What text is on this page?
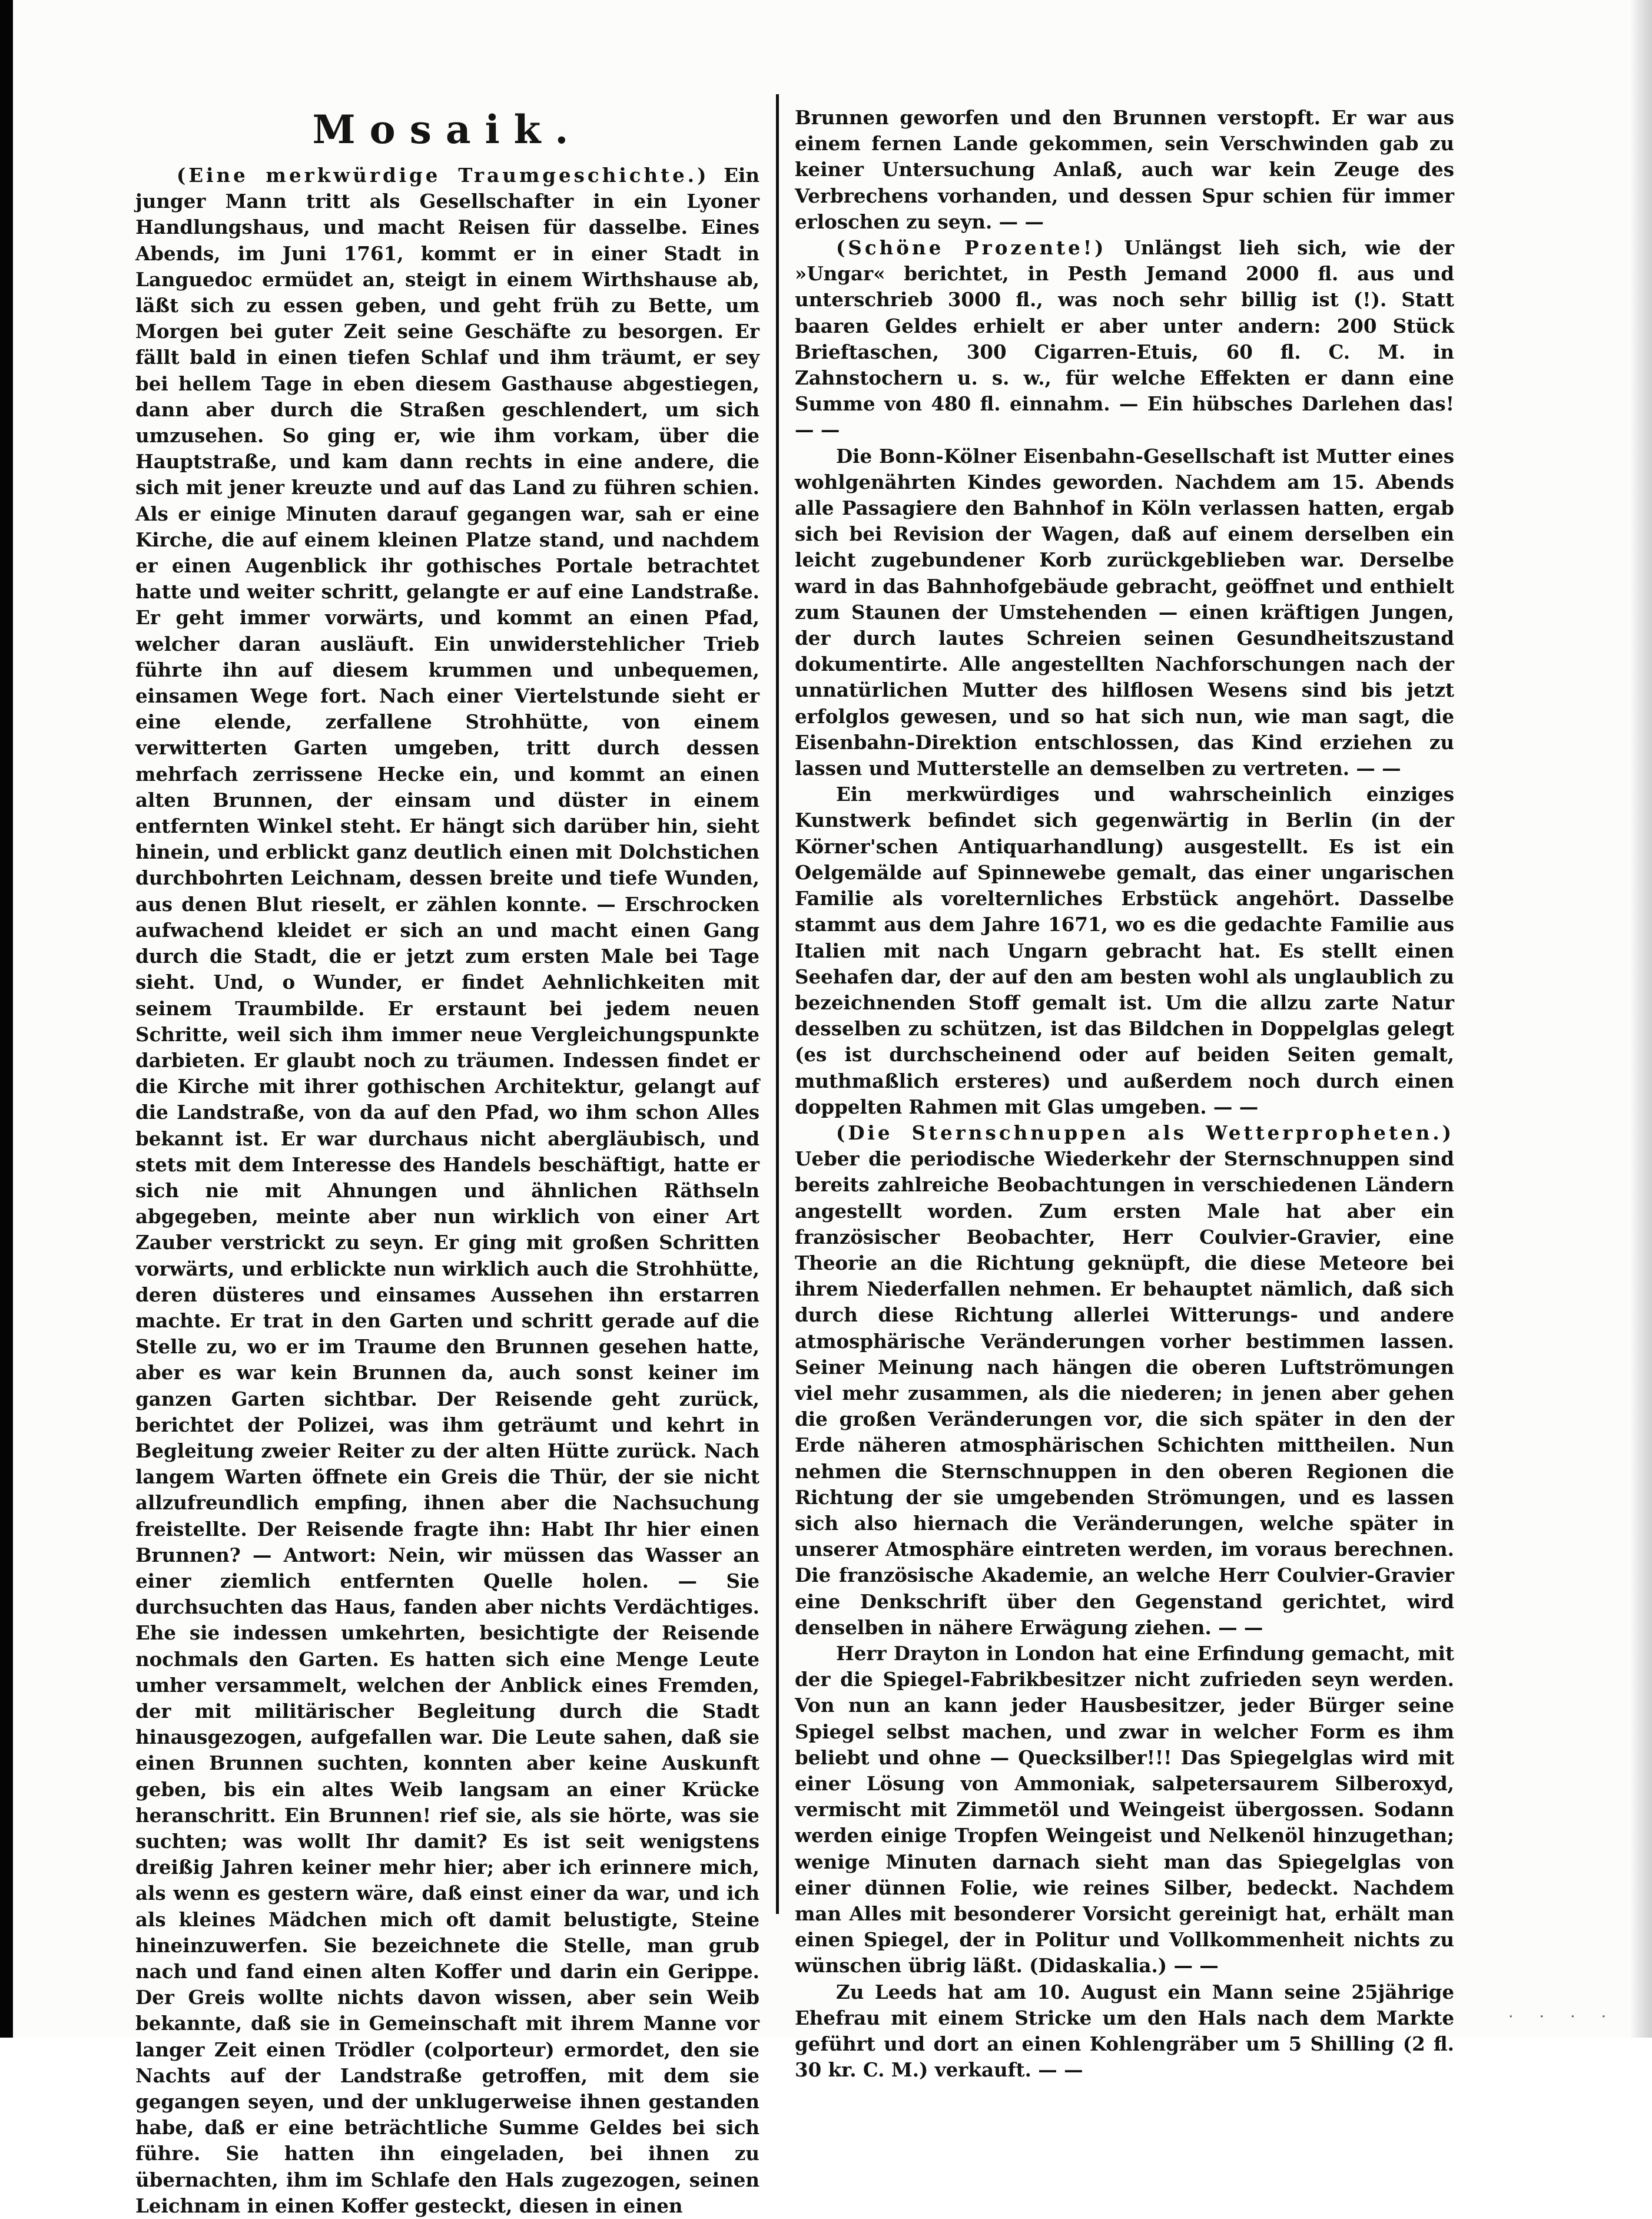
Mosaik.

(Eine merkwürdige Traumgeschichte.) Ein junger Mann tritt als Gesellschafter in ein Lyoner Handlungshaus, und macht Reisen für dasselbe. Eines Abends, im Juni 1761, kommt er in einer Stadt in Languedoc ermüdet an, steigt in einem Wirthshause ab, läßt sich zu essen geben, und geht früh zu Bette, um Morgen bei guter Zeit seine Geschäfte zu besorgen. Er fällt bald in einen tiefen Schlaf und ihm träumt, er sey bei hellem Tage in eben diesem Gasthause abgestiegen, dann aber durch die Straßen geschlendert, um sich umzusehen. So ging er, wie ihm vorkam, über die Hauptstraße, und kam dann rechts in eine andere, die sich mit jener kreuzte und auf das Land zu führen schien. Als er einige Minuten darauf gegangen war, sah er eine Kirche, die auf einem kleinen Platze stand, und nachdem er einen Augenblick ihr gothisches Portale betrachtet hatte und weiter schritt, gelangte er auf eine Landstraße. Er geht immer vorwärts, und kommt an einen Pfad, welcher daran ausläuft. Ein unwiderstehlicher Trieb führte ihn auf diesem krummen und unbequemen, einsamen Wege fort. Nach einer Viertelstunde sieht er eine elende, zerfallene Strohhütte, von einem verwitterten Garten umgeben, tritt durch dessen mehrfach zerrissene Hecke ein, und kommt an einen alten Brunnen, der einsam und düster in einem entfernten Winkel steht. Er hängt sich darüber hin, sieht hinein, und erblickt ganz deutlich einen mit Dolchstichen durchbohrten Leichnam, dessen breite und tiefe Wunden, aus denen Blut rieselt, er zählen konnte. — Erschrocken aufwachend kleidet er sich an und macht einen Gang durch die Stadt, die er jetzt zum ersten Male bei Tage sieht. Und, o Wunder, er findet Aehnlichkeiten mit seinem Traumbilde. Er erstaunt bei jedem neuen Schritte, weil sich ihm immer neue Vergleichungspunkte darbieten. Er glaubt noch zu träumen. Indessen findet er die Kirche mit ihrer gothischen Architektur, gelangt auf die Landstraße, von da auf den Pfad, wo ihm schon Alles bekannt ist. Er war durchaus nicht abergläubisch, und stets mit dem Interesse des Handels beschäftigt, hatte er sich nie mit Ahnungen und ähnlichen Räthseln abgegeben, meinte aber nun wirklich von einer Art Zauber verstrickt zu seyn. Er ging mit großen Schritten vorwärts, und erblickte nun wirklich auch die Strohhütte, deren düsteres und einsames Aussehen ihn erstarren machte. Er trat in den Garten und schritt gerade auf die Stelle zu, wo er im Traume den Brunnen gesehen hatte, aber es war kein Brunnen da, auch sonst keiner im ganzen Garten sichtbar. Der Reisende geht zurück, berichtet der Polizei, was ihm geträumt und kehrt in Begleitung zweier Reiter zu der alten Hütte zurück. Nach langem Warten öffnete ein Greis die Thür, der sie nicht allzufreundlich empfing, ihnen aber die Nachsuchung freistellte. Der Reisende fragte ihn: Habt Ihr hier einen Brunnen? — Antwort: Nein, wir müssen das Wasser an einer ziemlich entfernten Quelle holen. — Sie durchsuchten das Haus, fanden aber nichts Verdächtiges. Ehe sie indessen umkehrten, besichtigte der Reisende nochmals den Garten. Es hatten sich eine Menge Leute umher versammelt, welchen der Anblick eines Fremden, der mit militärischer Begleitung durch die Stadt hinausgezogen, aufgefallen war. Die Leute sahen, daß sie einen Brunnen suchten, konnten aber keine Auskunft geben, bis ein altes Weib langsam an einer Krücke heranschritt. Ein Brunnen! rief sie, als sie hörte, was sie suchten; was wollt Ihr damit? Es ist seit wenigstens dreißig Jahren keiner mehr hier; aber ich erinnere mich, als wenn es gestern wäre, daß einst einer da war, und ich als kleines Mädchen mich oft damit belustigte, Steine hineinzuwerfen. Sie bezeichnete die Stelle, man grub nach und fand einen alten Koffer und darin ein Gerippe. Der Greis wollte nichts davon wissen, aber sein Weib bekannte, daß sie in Gemeinschaft mit ihrem Manne vor langer Zeit einen Trödler (colporteur) ermordet, den sie Nachts auf der Landstraße getroffen, mit dem sie gegangen seyen, und der unklugerweise ihnen gestanden habe, daß er eine beträchtliche Summe Geldes bei sich führe. Sie hatten ihn eingeladen, bei ihnen zu übernachten, ihm im Schlafe den Hals zugezogen, seinen Leichnam in einen Koffer gesteckt, diesen in einen

Brunnen geworfen und den Brunnen verstopft. Er war aus einem fernen Lande gekommen, sein Verschwinden gab zu keiner Untersuchung Anlaß, auch war kein Zeuge des Verbrechens vorhanden, und dessen Spur schien für immer erloschen zu seyn. — —

(Schöne Prozente!) Unlängst lieh sich, wie der »Ungar« berichtet, in Pesth Jemand 2000 fl. aus und unterschrieb 3000 fl., was noch sehr billig ist (!). Statt baaren Geldes erhielt er aber unter andern: 200 Stück Brieftaschen, 300 Cigarren-Etuis, 60 fl. C. M. in Zahnstochern u. s. w., für welche Effekten er dann eine Summe von 480 fl. einnahm. — Ein hübsches Darlehen das! — —

Die Bonn-Kölner Eisenbahn-Gesellschaft ist Mutter eines wohlgenährten Kindes geworden. Nachdem am 15. Abends alle Passagiere den Bahnhof in Köln verlassen hatten, ergab sich bei Revision der Wagen, daß auf einem derselben ein leicht zugebundener Korb zurückgeblieben war. Derselbe ward in das Bahnhofgebäude gebracht, geöffnet und enthielt zum Staunen der Umstehenden — einen kräftigen Jungen, der durch lautes Schreien seinen Gesundheitszustand dokumentirte. Alle angestellten Nachforschungen nach der unnatürlichen Mutter des hilflosen Wesens sind bis jetzt erfolglos gewesen, und so hat sich nun, wie man sagt, die Eisenbahn-Direktion entschlossen, das Kind erziehen zu lassen und Mutterstelle an demselben zu vertreten. — —

Ein merkwürdiges und wahrscheinlich einziges Kunstwerk befindet sich gegenwärtig in Berlin (in der Körner'schen Antiquarhandlung) ausgestellt. Es ist ein Oelgemälde auf Spinnewebe gemalt, das einer ungarischen Familie als vorelternliches Erbstück angehört. Dasselbe stammt aus dem Jahre 1671, wo es die gedachte Familie aus Italien mit nach Ungarn gebracht hat. Es stellt einen Seehafen dar, der auf den am besten wohl als unglaublich zu bezeichnenden Stoff gemalt ist. Um die allzu zarte Natur desselben zu schützen, ist das Bildchen in Doppelglas gelegt (es ist durchscheinend oder auf beiden Seiten gemalt, muthmaßlich ersteres) und außerdem noch durch einen doppelten Rahmen mit Glas umgeben. — —

(Die Sternschnuppen als Wetterpropheten.) Ueber die periodische Wiederkehr der Sternschnuppen sind bereits zahlreiche Beobachtungen in verschiedenen Ländern angestellt worden. Zum ersten Male hat aber ein französischer Beobachter, Herr Coulvier-Gravier, eine Theorie an die Richtung geknüpft, die diese Meteore bei ihrem Niederfallen nehmen. Er behauptet nämlich, daß sich durch diese Richtung allerlei Witterungs- und andere atmosphärische Veränderungen vorher bestimmen lassen. Seiner Meinung nach hängen die oberen Luftströmungen viel mehr zusammen, als die niederen; in jenen aber gehen die großen Veränderungen vor, die sich später in den der Erde näheren atmosphärischen Schichten mittheilen. Nun nehmen die Sternschnuppen in den oberen Regionen die Richtung der sie umgebenden Strömungen, und es lassen sich also hiernach die Veränderungen, welche später in unserer Atmosphäre eintreten werden, im voraus berechnen. Die französische Akademie, an welche Herr Coulvier-Gravier eine Denkschrift über den Gegenstand gerichtet, wird denselben in nähere Erwägung ziehen. — —

Herr Drayton in London hat eine Erfindung gemacht, mit der die Spiegel-Fabrikbesitzer nicht zufrieden seyn werden. Von nun an kann jeder Hausbesitzer, jeder Bürger seine Spiegel selbst machen, und zwar in welcher Form es ihm beliebt und ohne — Quecksilber!!! Das Spiegelglas wird mit einer Lösung von Ammoniak, salpetersaurem Silberoxyd, vermischt mit Zimmetöl und Weingeist übergossen. Sodann werden einige Tropfen Weingeist und Nelkenöl hinzugethan; wenige Minuten darnach sieht man das Spiegelglas von einer dünnen Folie, wie reines Silber, bedeckt. Nachdem man Alles mit besonderer Vorsicht gereinigt hat, erhält man einen Spiegel, der in Politur und Vollkommenheit nichts zu wünschen übrig läßt. (Didaskalia.) — —

Zu Leeds hat am 10. August ein Mann seine 25jährige Ehefrau mit einem Stricke um den Hals nach dem Markte geführt und dort an einen Kohlengräber um 5 Shilling (2 fl. 30 kr. C. M.) verkauft. — —

· · · ·
